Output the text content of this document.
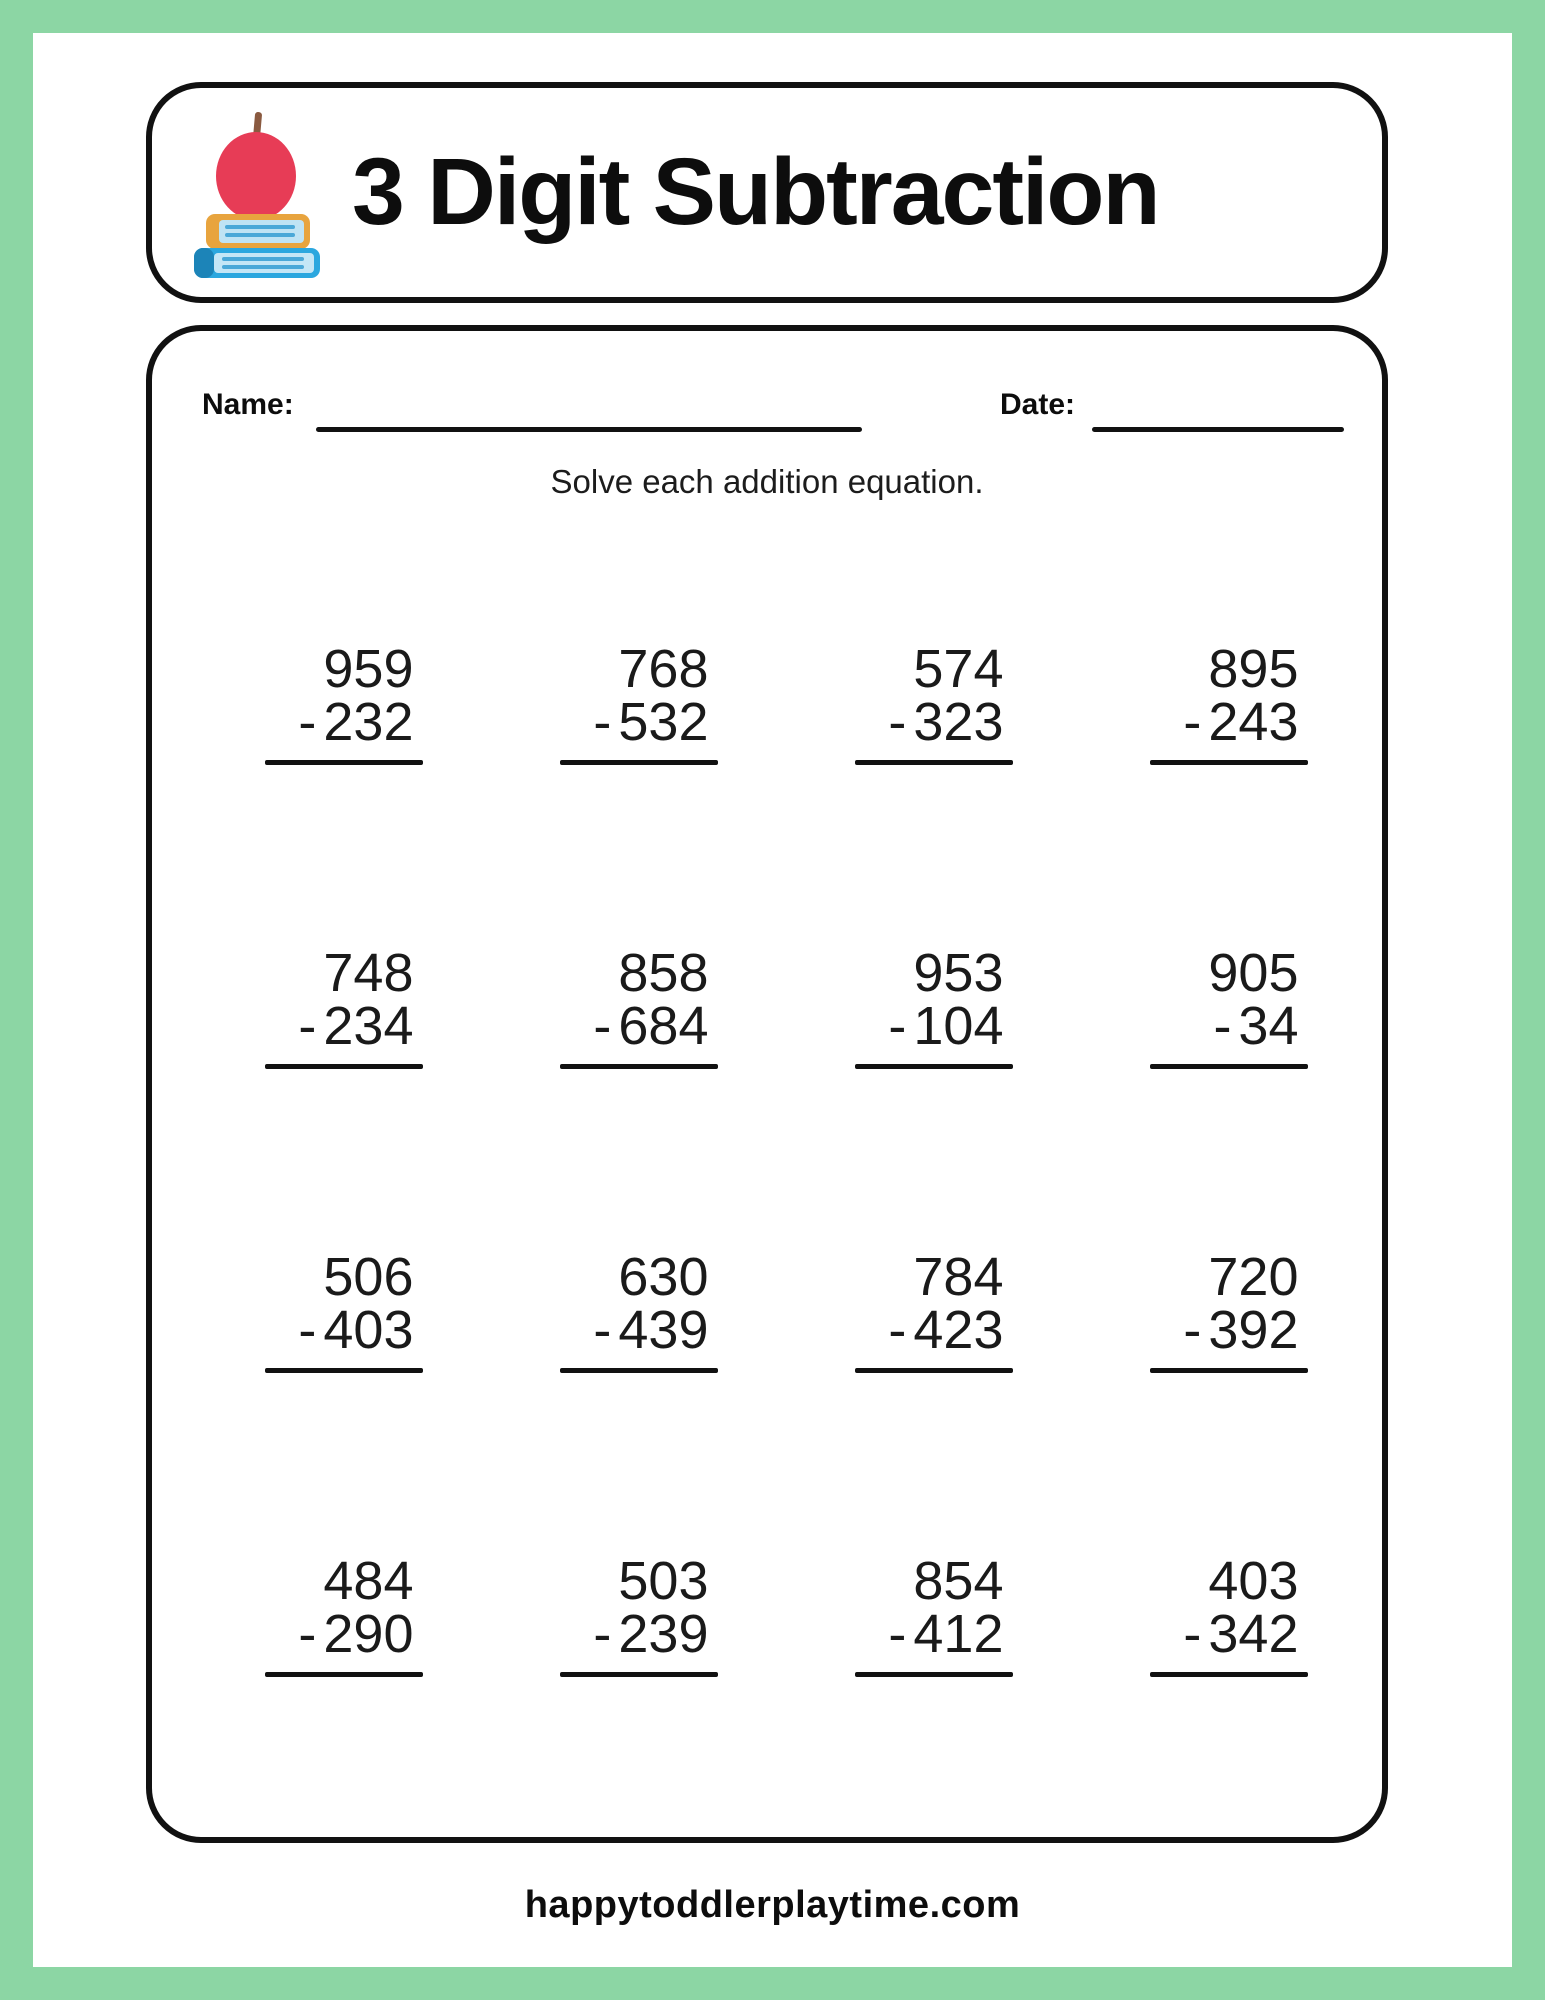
3 Digit Subtraction
Name:	Date:
Solve each addition equation.
959
- 232
768
- 532
574
- 323
895
- 243
748
- 234
858
- 684
953
- 104
905
- 34
506
- 403
630
- 439
784
- 423
720
- 392
484
- 290
503
- 239
854
- 412
403
- 342
happytoddlerplaytime.com
